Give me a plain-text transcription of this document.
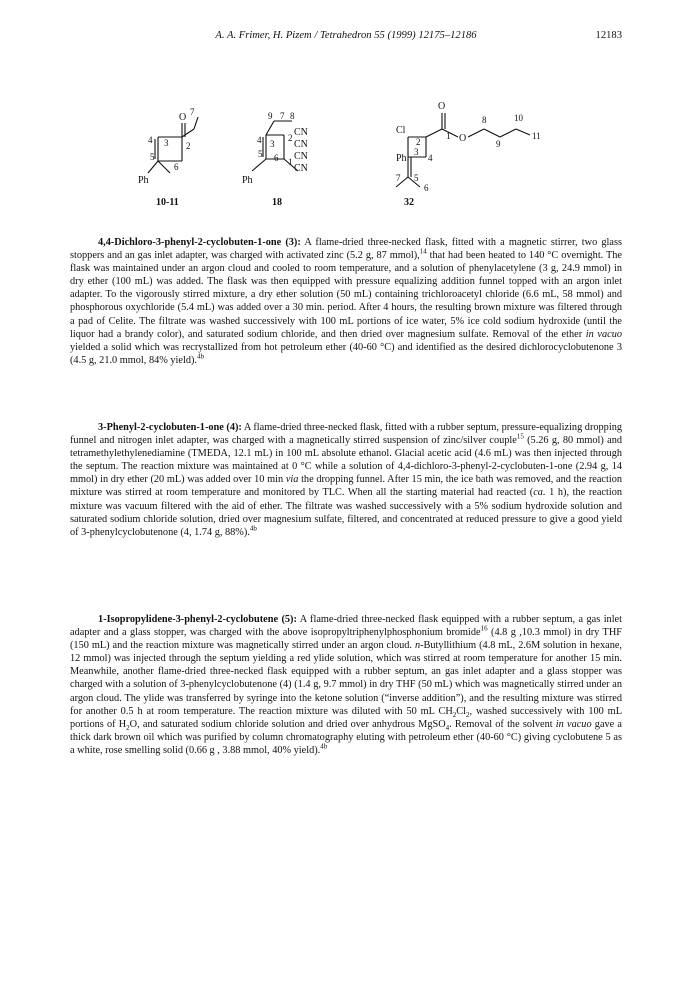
A. A. Frimer, H. Pizem / Tetrahedron 55 (1999) 12175–12186	12183
O 7
2
3
4
5
6
Ph
10-11
9 7 8
3
4
5 6
2
1
CN
CN
CN
CN
Ph
18
O
Cl
O
1
2
3
4
8
9
10
11
Ph
7 5
6
32

4,4-Dichloro-3-phenyl-2-cyclobuten-1-one (3): A flame-dried three-necked flask, fitted with a magnetic stirrer, two glass stoppers and an gas inlet adapter, was charged with activated zinc (5.2 g, 87 mmol),$^{14}$ that had been heated to 140 °C overnight. The flask was maintained under an argon cloud and cooled to room temperature, and a solution of phenylacetylene (3 g, 24.9 mmol) in dry ether (100 mL) was added. The flask was then equipped with pressure equalizing addition funnel topped with an argon inlet adapter. To the vigorously stirred mixture, a dry ether solution (50 mL) containing trichloroacetyl chloride (6.6 mL, 58 mmol) and phosphorous oxychloride (5.4 mL) was added over a 30 min. period. After 4 hours, the resulting brown mixture was filtered through a pad of Celite. The filtrate was washed successively with 100 mL portions of ice water, 5% ice cold sodium hydroxide (until the liquor had a brandy color), and saturated sodium chloride, and then dried over magnesium sulfate. Removal of the ether in vacuo yielded a solid which was recrystallized from hot petroleum ether (40-60 °C) and identified as the desired dichlorocyclobutenone 3 (4.5 g, 21.0 mmol, 84% yield).$^{4b}$

3-Phenyl-2-cyclobuten-1-one (4): A flame-dried three-necked flask, fitted with a rubber septum, pressure-equalizing dropping funnel and nitrogen inlet adapter, was charged with a magnetically stirred suspension of zinc/silver couple$^{15}$ (5.26 g, 80 mmol) and tetramethylethylenediamine (TMEDA, 12.1 mL) in 100 mL absolute ethanol. Glacial acetic acid (4.6 mL) was then injected through the septum. The reaction mixture was maintained at 0 °C while a solution of 4,4-dichloro-3-phenyl-2-cyclobuten-1-one (2.94 g, 14 mmol) in dry ether (20 mL) was added over 10 min via the dropping funnel. After 15 min, the ice bath was removed, and the reaction mixture was stirred at room temperature and monitored by TLC. When all the starting material had reacted (ca. 1 h), the reaction mixture was vacuum filtered with the aid of ether. The filtrate was washed successively with a 5% sodium hydroxide solution and saturated sodium chloride solution, dried over magnesium sulfate, filtered, and concentrated at reduced pressure to give a good yield of 3-phenylcyclobutenone (4, 1.74 g, 88%).$^{4b}$

1-Isopropylidene-3-phenyl-2-cyclobutene (5): A flame-dried three-necked flask equipped with a rubber septum, a gas inlet adapter and a glass stopper, was charged with the above isopropyltriphenylphosphonium bromide$^{16}$ (4.8 g ,10.3 mmol) in dry THF (150 mL) and the reaction mixture was magnetically stirred under an argon cloud. n-Butyllithium (4.8 mL, 2.6M solution in hexane, 12 mmol) was injected through the septum yielding a red ylide solution, which was stirred at room temperature for another 15 min. Meanwhile, another flame-dried three-necked flask equipped with a rubber septum, an gas inlet adapter and a glass stopper was charged with a solution of 3-phenylcyclobutenone (4) (1.4 g, 9.7 mmol) in dry THF (50 mL) which was magnetically stirred under an argon cloud. The ylide was transferred by syringe into the ketone solution (“inverse addition”), and the resulting mixture was stirred for another 0.5 h at room temperature. The reaction mixture was diluted with 50 mL $CH_2Cl_2$, washed successively with 100 mL portions of $H_2O$, and saturated sodium chloride solution and dried over anhydrous MgSO$_4$. Removal of the solvent in vacuo gave a thick dark brown oil which was purified by column chromatography eluting with petroleum ether (40-60 °C) giving cyclobutene 5 as a white, rose smelling solid (0.66 g , 3.88 mmol, 40% yield).$^{4b}$
